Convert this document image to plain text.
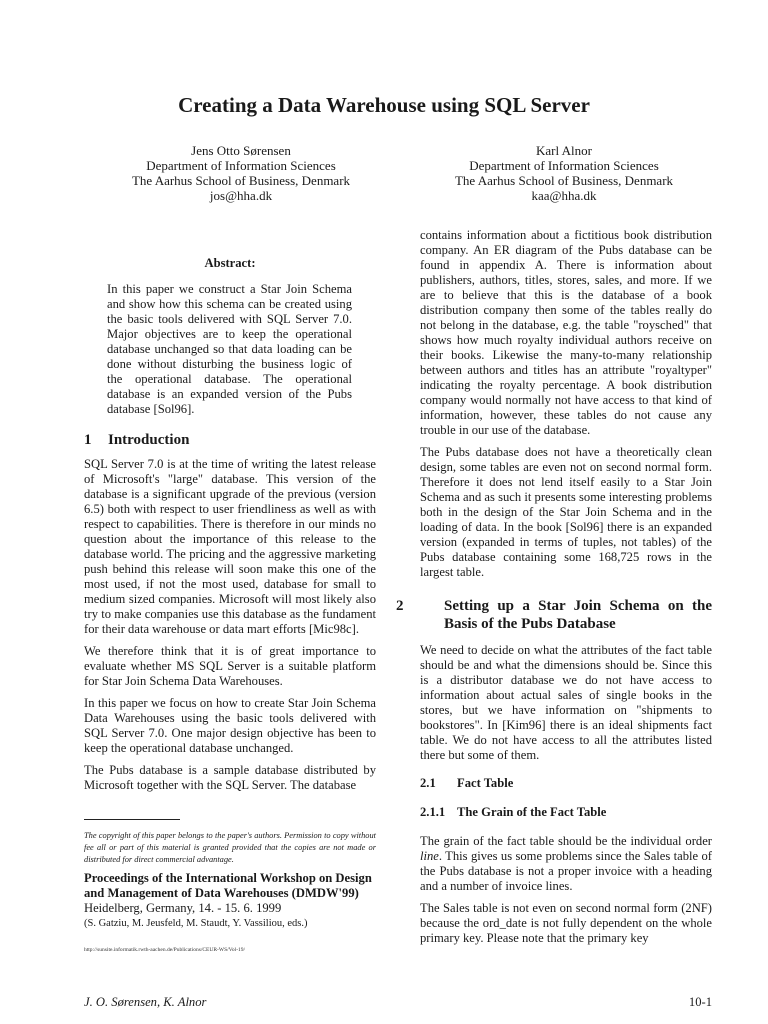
Creating a Data Warehouse using SQL Server
Jens Otto Sørensen
Department of Information Sciences
The Aarhus School of Business, Denmark
jos@hha.dk
Karl Alnor
Department of Information Sciences
The Aarhus School of Business, Denmark
kaa@hha.dk
Abstract:

In this paper we construct a Star Join Schema and show how this schema can be created using the basic tools delivered with SQL Server 7.0. Major objectives are to keep the operational database unchanged so that data loading can be done without disturbing the business logic of the operational database. The operational database is an expanded version of the Pubs database [Sol96].

1 Introduction

SQL Server 7.0 is at the time of writing the latest release of Microsoft's "large" database. This version of the database is a significant upgrade of the previous (version 6.5) both with respect to user friendliness as well as with respect to capabilities. There is therefore in our minds no question about the importance of this release to the database world. The pricing and the aggressive marketing push behind this release will soon make this one of the most used, if not the most used, database for small to medium sized companies. Microsoft will most likely also try to make companies use this database as the fundament for their data warehouse or data mart efforts [Mic98c].

We therefore think that it is of great importance to evaluate whether MS SQL Server is a suitable platform for Star Join Schema Data Warehouses.

In this paper we focus on how to create Star Join Schema Data Warehouses using the basic tools delivered with SQL Server 7.0. One major design objective has been to keep the operational database unchanged.

The Pubs database is a sample database distributed by Microsoft together with the SQL Server. The database

The copyright of this paper belongs to the paper's authors. Permission to copy without fee all or part of this material is granted provided that the copies are not made or distributed for direct commercial advantage.

Proceedings of the International Workshop on Design and Management of Data Warehouses (DMDW'99)

Heidelberg, Germany, 14. - 15. 6. 1999

(S. Gatziu, M. Jeusfeld, M. Staudt, Y. Vassiliou, eds.)

http://sunsite.informatik.rwth-aachen.de/Publications/CEUR-WS/Vol-19/

contains information about a fictitious book distribution company. An ER diagram of the Pubs database can be found in appendix A. There is information about publishers, authors, titles, stores, sales, and more. If we are to believe that this is the database of a book distribution company then some of the tables really do not belong in the database, e.g. the table "roysched" that shows how much royalty individual authors receive on their books. Likewise the many-to-many relationship between authors and titles has an attribute "royaltyper" indicating the royalty percentage. A book distribution company would normally not have access to that kind of information, however, these tables do not cause any trouble in our use of the database.

The Pubs database does not have a theoretically clean design, some tables are even not on second normal form. Therefore it does not lend itself easily to a Star Join Schema and as such it presents some interesting problems both in the design of the Star Join Schema and in the loading of data. In the book [Sol96] there is an expanded version (expanded in terms of tuples, not tables) of the Pubs database containing some 168,725 rows in the largest table.

2	Setting up a Star Join Schema on the Basis of the Pubs Database

We need to decide on what the attributes of the fact table should be and what the dimensions should be. Since this is a distributor database we do not have access to information about actual sales of single books in the stores, but we have information on "shipments to bookstores". In [Kim96] there is an ideal shipments fact table. We do not have access to all the attributes listed there but some of them.

2.1 Fact Table
2.1.1 The Grain of the Fact Table

The grain of the fact table should be the individual order line. This gives us some problems since the Sales table of the Pubs database is not a proper invoice with a heading and a number of invoice lines.

The Sales table is not even on second normal form (2NF) because the ord_date is not fully dependent on the whole primary key. Please note that the primary key

J. O. Sørensen, K. Alnor	10-1
